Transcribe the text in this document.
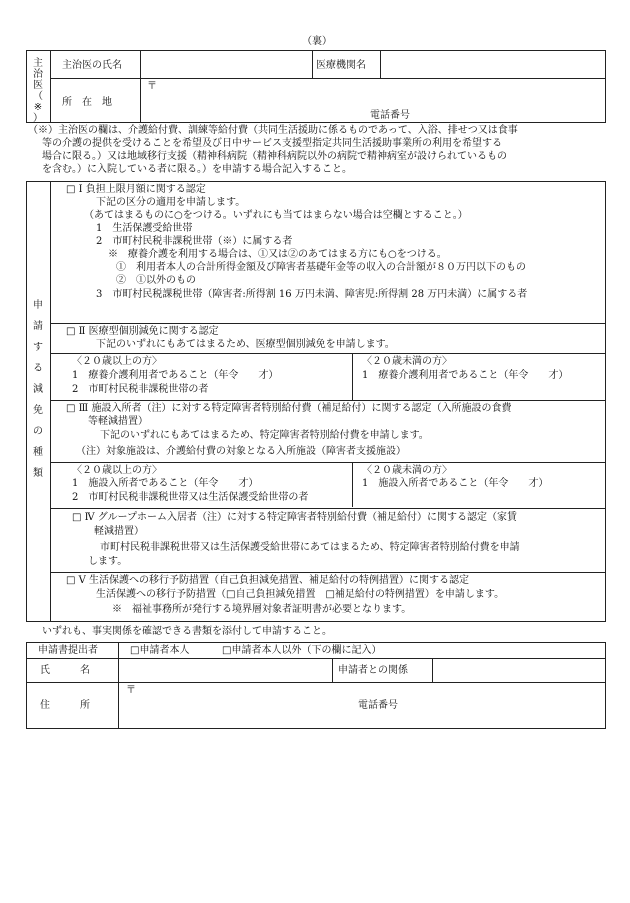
（裏）
主
治
医
（
※
）
主治医の氏名	医療機関名
所　在　地
〒
電話番号
（※）主治医の欄は、介護給付費、訓練等給付費（共同生活援助に係るものであって、入浴、排せつ又は食事
等の介護の提供を受けることを希望及び日中サービス支援型指定共同生活援助事業所の利用を希望する
場合に限る。）又は地域移行支援（精神科病院（精神科病院以外の病院で精神病室が設けられているもの
を含む。）に入院している者に限る。）を申請する場合記入すること。
申
請
す
る
減
免
の
種
類
□ Ⅰ 負担上限月額に関する認定
下記の区分の適用を申請します。
（あてはまるものに○をつける。いずれにも当てはまらない場合は空欄とすること。）
1　生活保護受給世帯
2　市町村民税非課税世帯（※）に属する者
※　療養介護を利用する場合は、①又は②のあてはまる方にも○をつける。
①　利用者本人の合計所得金額及び障害者基礎年金等の収入の合計額が８０万円以下のもの
②　①以外のもの
3　市町村民税課税世帯（障害者:所得割 16 万円未満、障害児:所得割 28 万円未満）に属する者
□ Ⅱ 医療型個別減免に関する認定
下記のいずれにもあてはまるため、医療型個別減免を申請します。
〈２０歳以上の方〉
1　療養介護利用者であること（年令　　才）
2　市町村民税非課税世帯の者
〈２０歳未満の方〉
1　療養介護利用者であること（年令　　才）
□ Ⅲ 施設入所者（注）に対する特定障害者特別給付費（補足給付）に関する認定（入所施設の食費
等軽減措置）
下記のいずれにもあてはまるため、特定障害者特別給付費を申請します。
（注）対象施設は、介護給付費の対象となる入所施設（障害者支援施設）
〈２０歳以上の方〉
1　施設入所者であること（年令　　才）
2　市町村民税非課税世帯又は生活保護受給世帯の者
〈２０歳未満の方〉
1　施設入所者であること（年令　　才）
□ Ⅳ グループホーム入居者（注）に対する特定障害者特別給付費（補足給付）に関する認定（家賃
軽減措置）
市町村民税非課税世帯又は生活保護受給世帯にあてはまるため、特定障害者特別給付費を申請
します。
□ Ⅴ 生活保護への移行予防措置（自己負担減免措置、補足給付の特例措置）に関する認定
生活保護への移行予防措置（□自己負担減免措置　□補足給付の特例措置）を申請します。
※　福祉事務所が発行する境界層対象者証明書が必要となります。
いずれも、事実関係を確認できる書類を添付して申請すること。
申請書提出者	□申請者本人	□申請者本人以外（下の欄に記入）
氏　　　名	申請者との関係
住　　　所
〒
電話番号
